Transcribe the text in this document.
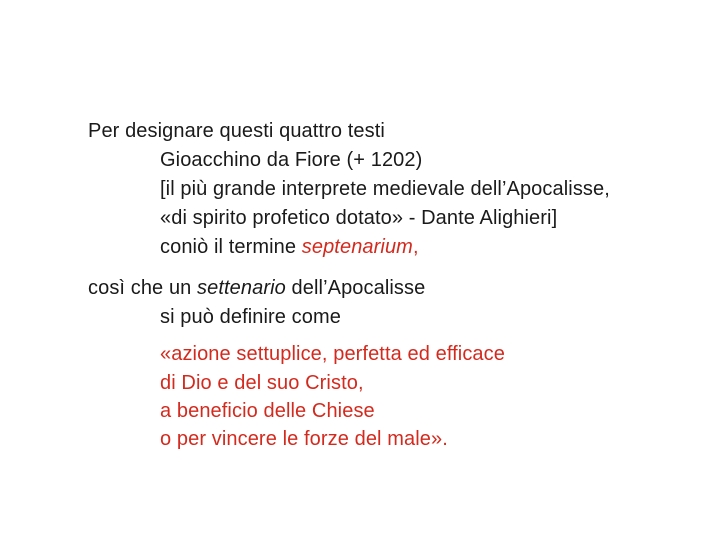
Per designare questi quattro testi
Gioacchino da Fiore (+ 1202)
[il più grande interprete medievale dell’Apocalisse,
«di spirito profetico dotato» - Dante Alighieri]
coniò il termine septenarium,
così che un settenario dell’Apocalisse
si può definire come
«azione settuplice, perfetta ed efficace
di Dio e del suo Cristo,
a beneficio delle Chiese
o per vincere le forze del male».
